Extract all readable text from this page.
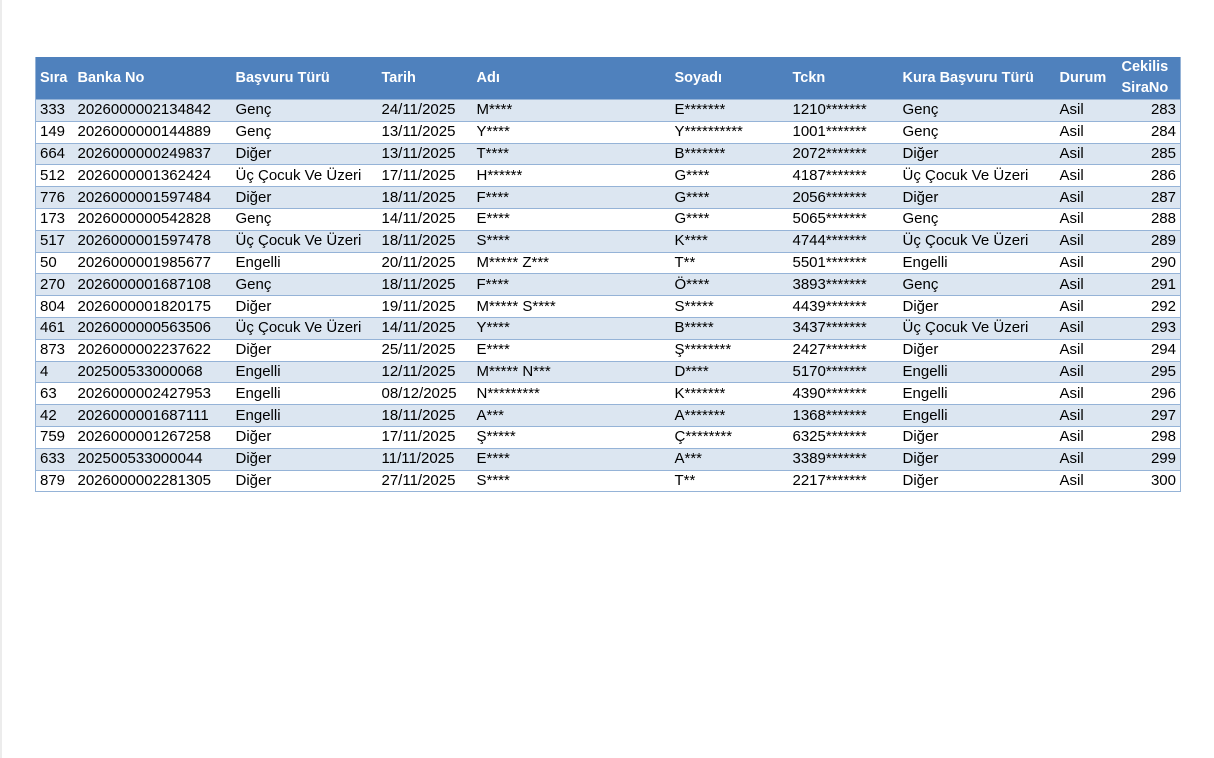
Sıra	Banka No	Başvuru Türü	Tarih	Adı	Soyadı	Tckn	Kura Başvuru Türü	Durum	Cekilis
SiraNo
333	2026000002134842	Genç	24/11/2025	M****	E*******	1210*******	Genç	Asil	283
149	2026000000144889	Genç	13/11/2025	Y****	Y**********	1001*******	Genç	Asil	284
664	2026000000249837	Diğer	13/11/2025	T****	B*******	2072*******	Diğer	Asil	285
512	2026000001362424	Üç Çocuk Ve Üzeri	17/11/2025	H******	G****	4187*******	Üç Çocuk Ve Üzeri	Asil	286
776	2026000001597484	Diğer	18/11/2025	F****	G****	2056*******	Diğer	Asil	287
173	2026000000542828	Genç	14/11/2025	E****	G****	5065*******	Genç	Asil	288
517	2026000001597478	Üç Çocuk Ve Üzeri	18/11/2025	S****	K****	4744*******	Üç Çocuk Ve Üzeri	Asil	289
50	2026000001985677	Engelli	20/11/2025	M***** Z***	T**	5501*******	Engelli	Asil	290
270	2026000001687108	Genç	18/11/2025	F****	Ö****	3893*******	Genç	Asil	291
804	2026000001820175	Diğer	19/11/2025	M***** S****	S*****	4439*******	Diğer	Asil	292
461	2026000000563506	Üç Çocuk Ve Üzeri	14/11/2025	Y****	B*****	3437*******	Üç Çocuk Ve Üzeri	Asil	293
873	2026000002237622	Diğer	25/11/2025	E****	Ş********	2427*******	Diğer	Asil	294
4	202500533000068	Engelli	12/11/2025	M***** N***	D****	5170*******	Engelli	Asil	295
63	2026000002427953	Engelli	08/12/2025	N*********	K*******	4390*******	Engelli	Asil	296
42	2026000001687111	Engelli	18/11/2025	A***	A*******	1368*******	Engelli	Asil	297
759	2026000001267258	Diğer	17/11/2025	Ş*****	Ç********	6325*******	Diğer	Asil	298
633	202500533000044	Diğer	11/11/2025	E****	A***	3389*******	Diğer	Asil	299
879	2026000002281305	Diğer	27/11/2025	S****	T**	2217*******	Diğer	Asil	300
